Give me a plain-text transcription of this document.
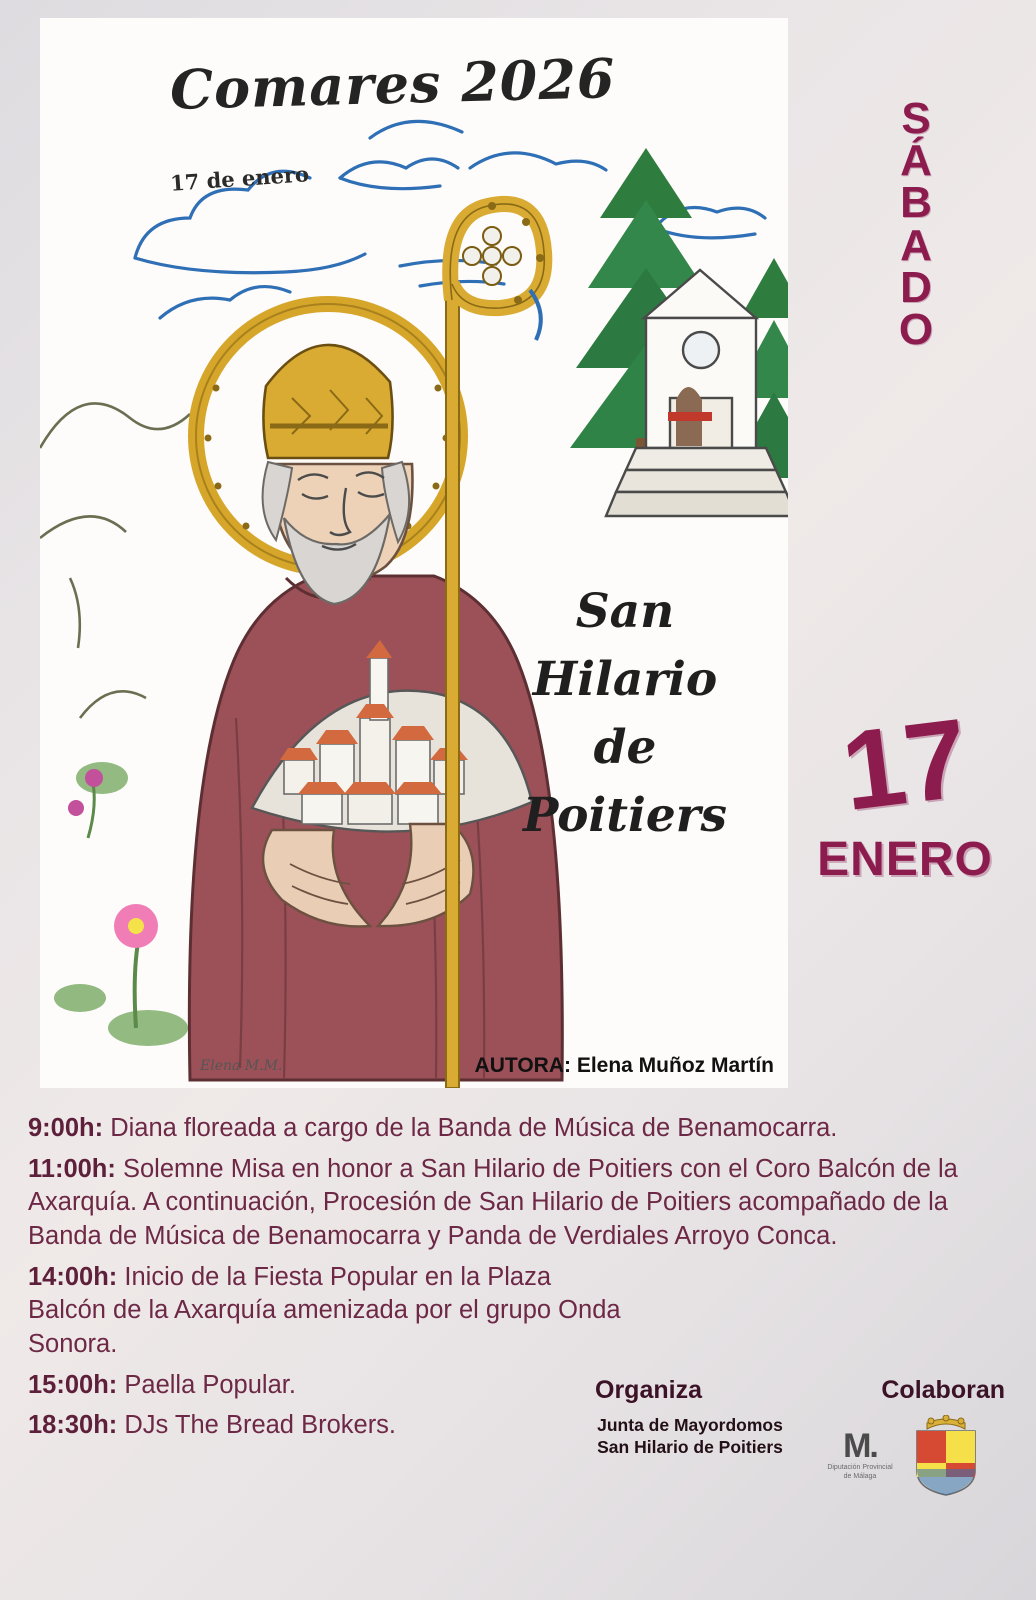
Comares 2026
17 de enero
San
Hilario
de
Poitiers
Elena M.M.	AUTORA: Elena Muñoz Martín
S
Á
B
A
D
O
17
ENERO
9:00h: Diana floreada a cargo de la Banda de Música de Benamocarra.
11:00h: Solemne Misa en honor a San Hilario de Poitiers con el Coro Balcón de la Axarquía. A continuación, Procesión de San Hilario de Poitiers acompañado de la Banda de Música de Benamocarra y Panda de Verdiales Arroyo Conca.
14:00h: Inicio de la Fiesta Popular en la Plaza Balcón de la Axarquía amenizada por el grupo Onda Sonora.
15:00h: Paella Popular.
18:30h: DJs The Bread Brokers.
Organiza	Colaboran
Junta de Mayordomos
San Hilario de Poitiers	М.
Diputación Provincial
de Málaga
